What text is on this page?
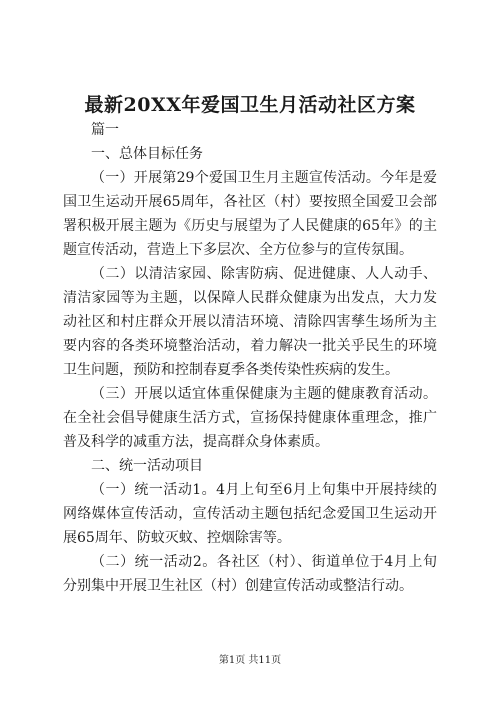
最新20XX年爱国卫生月活动社区方案

篇一

一、总体目标任务

（一）开展第29个爱国卫生月主题宣传活动。今年是爱国卫生运动开展65周年，各社区（村）要按照全国爱卫会部署积极开展主题为《历史与展望为了人民健康的65年》的主题宣传活动，营造上下多层次、全方位参与的宣传氛围。

（二）以清洁家园、除害防病、促进健康、人人动手、清洁家园等为主题，以保障人民群众健康为出发点，大力发动社区和村庄群众开展以清洁环境、清除四害孳生场所为主要内容的各类环境整治活动，着力解决一批关乎民生的环境卫生问题，预防和控制春夏季各类传染性疾病的发生。

（三）开展以适宜体重保健康为主题的健康教育活动。在全社会倡导健康生活方式，宣扬保持健康体重理念，推广普及科学的减重方法，提高群众身体素质。

二、统一活动项目

（一）统一活动1。4月上旬至6月上旬集中开展持续的网络媒体宣传活动，宣传活动主题包括纪念爱国卫生运动开展65周年、防蚊灭蚊、控烟除害等。

（二）统一活动2。各社区（村）、街道单位于4月上旬分别集中开展卫生社区（村）创建宣传活动或整洁行动。

第1页 共11页
